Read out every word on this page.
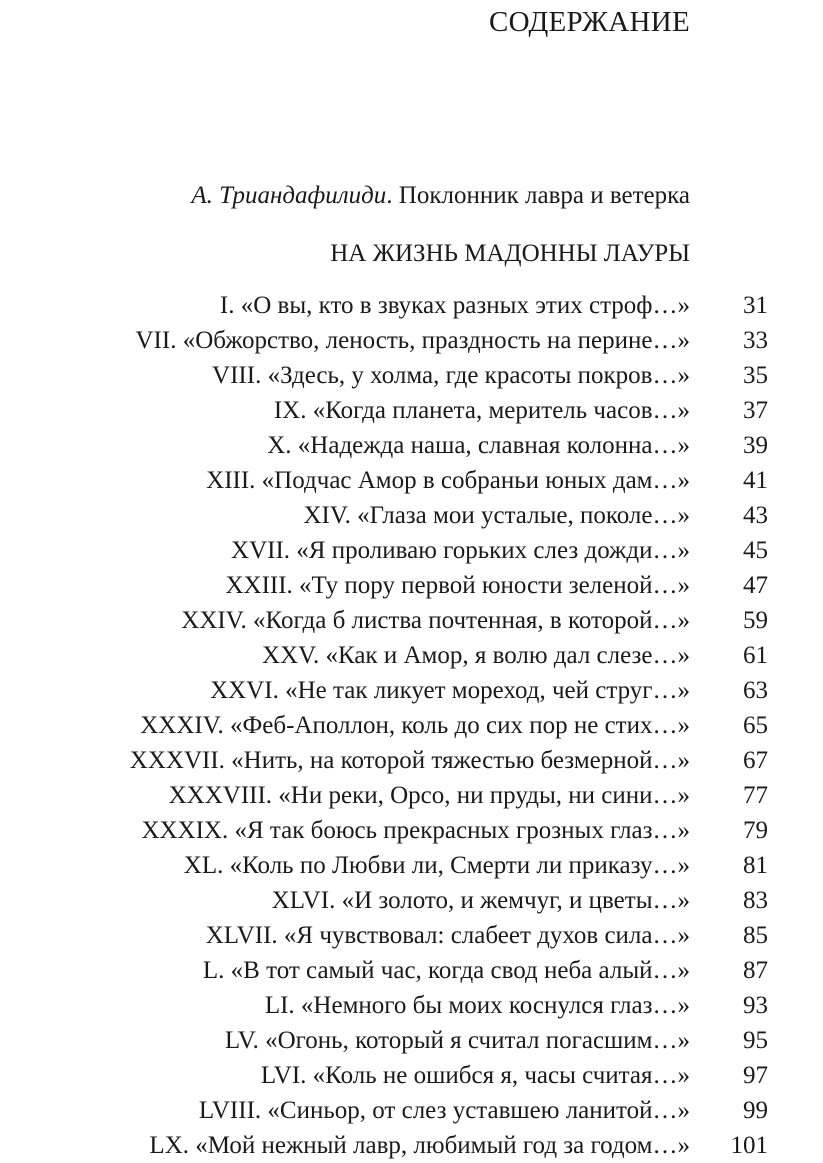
СОДЕРЖАНИЕ
А. Триандафилиди. Поклонник лавра и ветерка
НА ЖИЗНЬ МАДОННЫ ЛАУРЫ
I. «О вы, кто в звуках разных этих строф…» 31
VII. «Обжорство, леность, праздность на перине…» 33
VIII. «Здесь, у холма, где красоты покров…» 35
IX. «Когда планета, меритель часов…» 37
X. «Надежда наша, славная колонна…» 39
XIII. «Подчас Амор в собраньи юных дам…» 41
XIV. «Глаза мои усталые, поколе…» 43
XVII. «Я проливаю горьких слез дожди…» 45
XXIII. «Ту пору первой юности зеленой…» 47
XXIV. «Когда б листва почтенная, в которой…» 59
XXV. «Как и Амор, я волю дал слезе…» 61
XXVI. «Не так ликует мореход, чей струг…» 63
XXXIV. «Феб-Аполлон, коль до сих пор не стих…» 65
XXXVII. «Нить, на которой тяжестью безмерной…» 67
XXXVIII. «Ни реки, Орсо, ни пруды, ни сини…» 77
XXXIX. «Я так боюсь прекрасных грозных глаз…» 79
XL. «Коль по Любви ли, Смерти ли приказу…» 81
XLVI. «И золото, и жемчуг, и цветы…» 83
XLVII. «Я чувствовал: слабеет духов сила…» 85
L. «В тот самый час, когда свод неба алый…» 87
LI. «Немного бы моих коснулся глаз…» 93
LV. «Огонь, который я считал погасшим…» 95
LVI. «Коль не ошибся я, часы считая…» 97
LVIII. «Синьор, от слез уставшею ланитой…» 99
LX. «Мой нежный лавр, любимый год за годом…» 101
